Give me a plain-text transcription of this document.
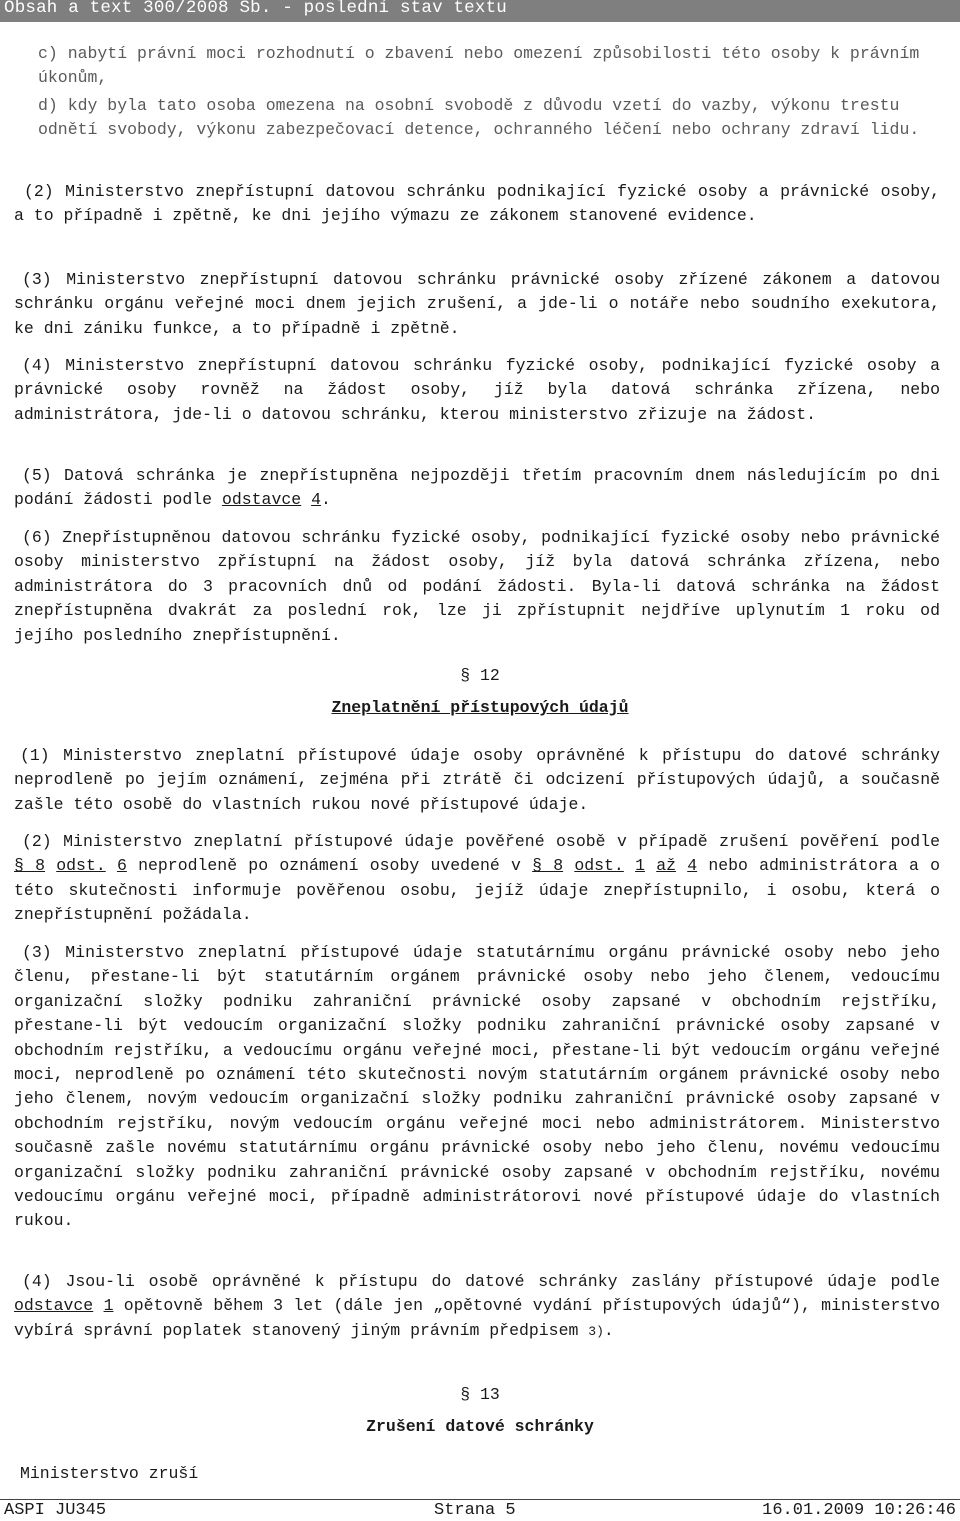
Obsah a text 300/2008 Sb. - poslední stav textu

c) nabytí právní moci rozhodnutí o zbavení nebo omezení způsobilosti této osoby k právním úkonům,

d) kdy byla tato osoba omezena na osobní svobodě z důvodu vzetí do vazby, výkonu trestu odnětí svobody, výkonu zabezpečovací detence, ochranného léčení nebo ochrany zdraví lidu.

(2) Ministerstvo znepřístupní datovou schránku podnikající fyzické osoby a právnické osoby, a to případně i zpětně, ke dni jejího výmazu ze zákonem stanovené evidence.

(3) Ministerstvo znepřístupní datovou schránku právnické osoby zřízené zákonem a datovou schránku orgánu veřejné moci dnem jejich zrušení, a jde-li o notáře nebo soudního exekutora, ke dni zániku funkce, a to případně i zpětně.

(4) Ministerstvo znepřístupní datovou schránku fyzické osoby, podnikající fyzické osoby a právnické osoby rovněž na žádost osoby, jíž byla datová schránka zřízena, nebo administrátora, jde-li o datovou schránku, kterou ministerstvo zřizuje na žádost.

(5) Datová schránka je znepřístupněna nejpozději třetím pracovním dnem následujícím po dni podání žádosti podle odstavce 4.

(6) Znepřístupněnou datovou schránku fyzické osoby, podnikající fyzické osoby nebo právnické osoby ministerstvo zpřístupní na žádost osoby, jíž byla datová schránka zřízena, nebo administrátora do 3 pracovních dnů od podání žádosti. Byla-li datová schránka na žádost znepřístupněna dvakrát za poslední rok, lze ji zpřístupnit nejdříve uplynutím 1 roku od jejího posledního znepřístupnění.

§ 12
Zneplatnění přístupových údajů

(1) Ministerstvo zneplatní přístupové údaje osoby oprávněné k přístupu do datové schránky neprodleně po jejím oznámení, zejména při ztrátě či odcizení přístupových údajů, a současně zašle této osobě do vlastních rukou nové přístupové údaje.

(2) Ministerstvo zneplatní přístupové údaje pověřené osobě v případě zrušení pověření podle § 8 odst. 6 neprodleně po oznámení osoby uvedené v § 8 odst. 1 až 4 nebo administrátora a o této skutečnosti informuje pověřenou osobu, jejíž údaje znepřístupnilo, i osobu, která o znepřístupnění požádala.

(3) Ministerstvo zneplatní přístupové údaje statutárnímu orgánu právnické osoby nebo jeho členu, přestane-li být statutárním orgánem právnické osoby nebo jeho členem, vedoucímu organizační složky podniku zahraniční právnické osoby zapsané v obchodním rejstříku, přestane-li být vedoucím organizační složky podniku zahraniční právnické osoby zapsané v obchodním rejstříku, a vedoucímu orgánu veřejné moci, přestane-li být vedoucím orgánu veřejné moci, neprodleně po oznámení této skutečnosti novým statutárním orgánem právnické osoby nebo jeho členem, novým vedoucím organizační složky podniku zahraniční právnické osoby zapsané v obchodním rejstříku, novým vedoucím orgánu veřejné moci nebo administrátorem. Ministerstvo současně zašle novému statutárnímu orgánu právnické osoby nebo jeho členu, novému vedoucímu organizační složky podniku zahraniční právnické osoby zapsané v obchodním rejstříku, novému vedoucímu orgánu veřejné moci, případně administrátorovi nové přístupové údaje do vlastních rukou.

(4) Jsou-li osobě oprávněné k přístupu do datové schránky zaslány přístupové údaje podle odstavce 1 opětovně během 3 let (dále jen „opětovné vydání přístupových údajů“), ministerstvo vybírá správní poplatek stanovený jiným právním předpisem 3).

§ 13
Zrušení datové schránky

Ministerstvo zruší

ASPI JU345	Strana 5	16.01.2009 10:26:46
